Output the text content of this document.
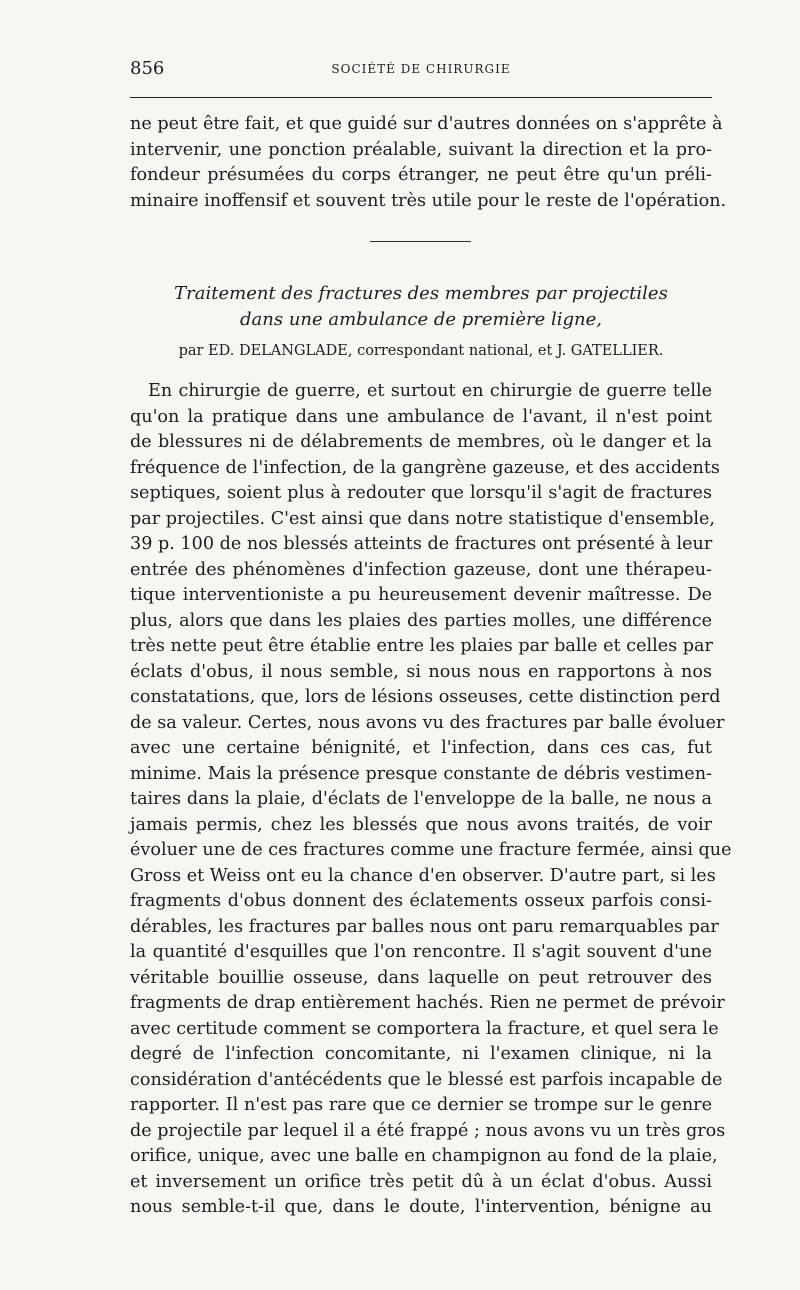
856	SOCIÉTÉ DE CHIRURGIE
ne peut être fait, et que guidé sur d'autres données on s'apprête à
intervenir, une ponction préalable, suivant la direction et la pro-
fondeur présumées du corps étranger, ne peut être qu'un préli-
minaire inoffensif et souvent très utile pour le reste de l'opération.
Traitement des fractures des membres par projectiles
dans une ambulance de première ligne,
par ED. DELANGLADE, correspondant national, et J. GATELLIER.
En chirurgie de guerre, et surtout en chirurgie de guerre telle
qu'on la pratique dans une ambulance de l'avant, il n'est point
de blessures ni de délabrements de membres, où le danger et la
fréquence de l'infection, de la gangrène gazeuse, et des accidents
septiques, soient plus à redouter que lorsqu'il s'agit de fractures
par projectiles. C'est ainsi que dans notre statistique d'ensemble,
39 p. 100 de nos blessés atteints de fractures ont présenté à leur
entrée des phénomènes d'infection gazeuse, dont une thérapeu-
tique interventioniste a pu heureusement devenir maîtresse. De
plus, alors que dans les plaies des parties molles, une différence
très nette peut être établie entre les plaies par balle et celles par
éclats d'obus, il nous semble, si nous nous en rapportons à nos
constatations, que, lors de lésions osseuses, cette distinction perd
de sa valeur. Certes, nous avons vu des fractures par balle évoluer
avec une certaine bénignité, et l'infection, dans ces cas, fut
minime. Mais la présence presque constante de débris vestimen-
taires dans la plaie, d'éclats de l'enveloppe de la balle, ne nous a
jamais permis, chez les blessés que nous avons traités, de voir
évoluer une de ces fractures comme une fracture fermée, ainsi que
Gross et Weiss ont eu la chance d'en observer. D'autre part, si les
fragments d'obus donnent des éclatements osseux parfois consi-
dérables, les fractures par balles nous ont paru remarquables par
la quantité d'esquilles que l'on rencontre. Il s'agit souvent d'une
véritable bouillie osseuse, dans laquelle on peut retrouver des
fragments de drap entièrement hachés. Rien ne permet de prévoir
avec certitude comment se comportera la fracture, et quel sera le
degré de l'infection concomitante, ni l'examen clinique, ni la
considération d'antécédents que le blessé est parfois incapable de
rapporter. Il n'est pas rare que ce dernier se trompe sur le genre
de projectile par lequel il a été frappé ; nous avons vu un très gros
orifice, unique, avec une balle en champignon au fond de la plaie,
et inversement un orifice très petit dû à un éclat d'obus. Aussi
nous semble-t-il que, dans le doute, l'intervention, bénigne au
